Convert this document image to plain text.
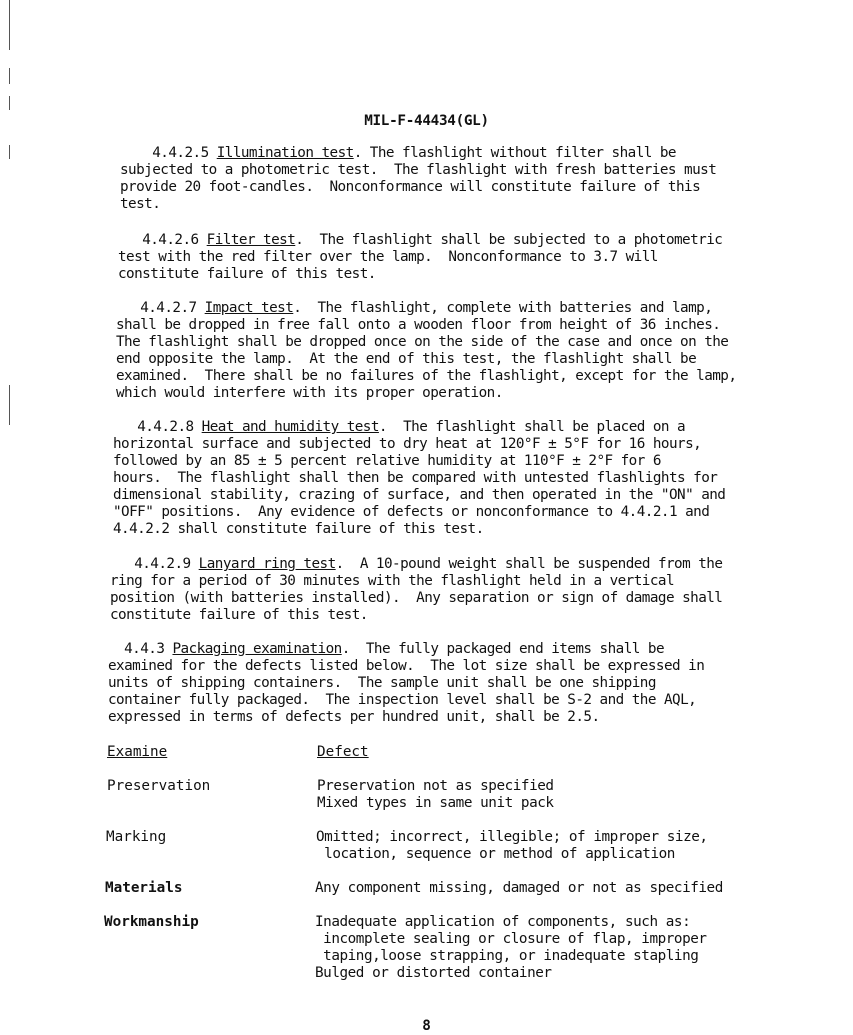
MIL-F-44434(GL)
4.4.2.5 Illumination test. The flashlight without filter shall be
subjected to a photometric test.  The flashlight with fresh batteries must
provide 20 foot-candles.  Nonconformance will constitute failure of this
test.
4.4.2.6 Filter test.  The flashlight shall be subjected to a photometric
test with the red filter over the lamp.  Nonconformance to 3.7 will
constitute failure of this test.
4.4.2.7 Impact test.  The flashlight, complete with batteries and lamp,
shall be dropped in free fall onto a wooden floor from height of 36 inches.
The flashlight shall be dropped once on the side of the case and once on the
end opposite the lamp.  At the end of this test, the flashlight shall be
examined.  There shall be no failures of the flashlight, except for the lamp,
which would interfere with its proper operation.
4.4.2.8 Heat and humidity test.  The flashlight shall be placed on a
horizontal surface and subjected to dry heat at 120°F ± 5°F for 16 hours,
followed by an 85 ± 5 percent relative humidity at 110°F ± 2°F for 6
hours.  The flashlight shall then be compared with untested flashlights for
dimensional stability, crazing of surface, and then operated in the "ON" and
"OFF" positions.  Any evidence of defects or nonconformance to 4.4.2.1 and
4.4.2.2 shall constitute failure of this test.
4.4.2.9 Lanyard ring test.  A 10-pound weight shall be suspended from the
ring for a period of 30 minutes with the flashlight held in a vertical
position (with batteries installed).  Any separation or sign of damage shall
constitute failure of this test.
4.4.3 Packaging examination.  The fully packaged end items shall be
examined for the defects listed below.  The lot size shall be expressed in
units of shipping containers.  The sample unit shall be one shipping
container fully packaged.  The inspection level shall be S-2 and the AQL,
expressed in terms of defects per hundred unit, shall be 2.5.
Examine	Defect
Preservation	Preservation not as specified
Mixed types in same unit pack
Marking	Omitted; incorrect, illegible; of improper size,
location, sequence or method of application
Materials	Any component missing, damaged or not as specified
Workmanship	Inadequate application of components, such as:
incomplete sealing or closure of flap, improper
taping,loose strapping, or inadequate stapling
Bulged or distorted container
8
